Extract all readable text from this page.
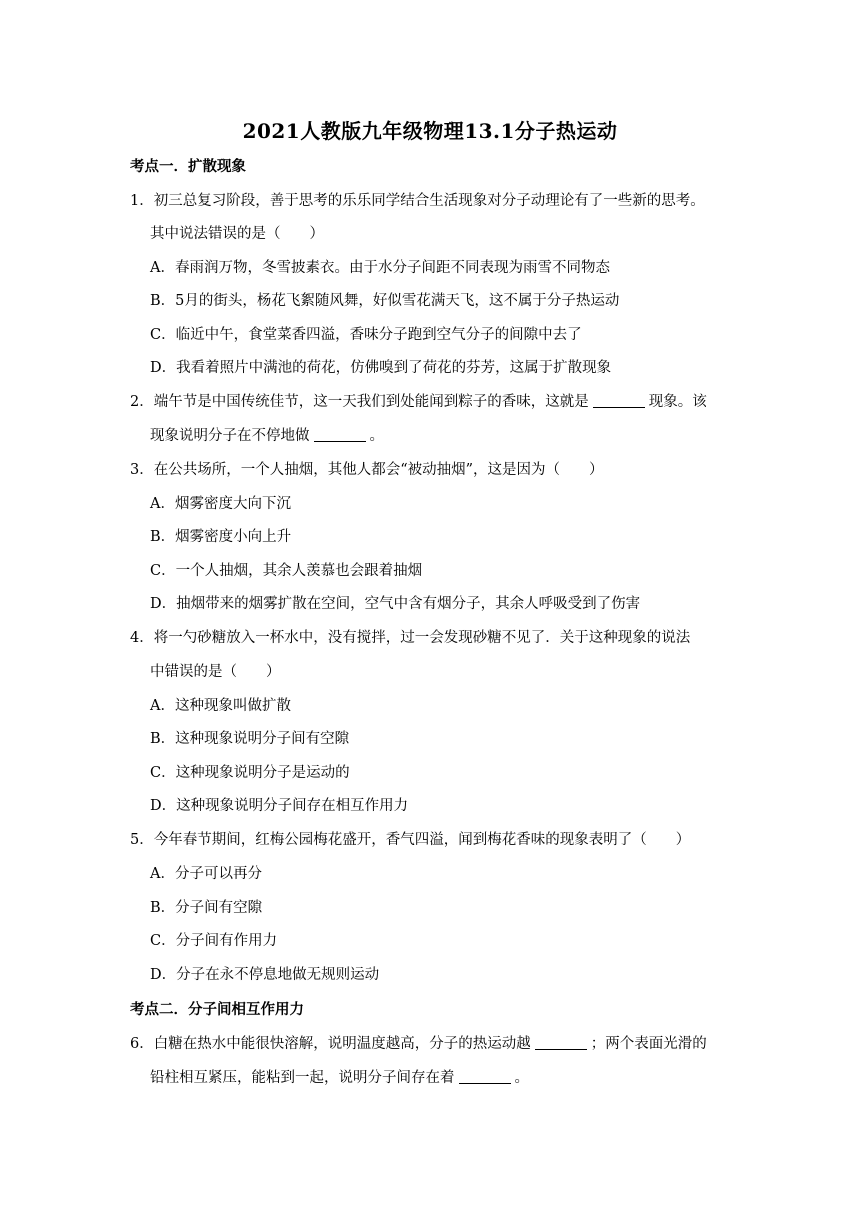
2021人教版九年级物理13.1分子热运动
考点一．扩散现象
1．初三总复习阶段，善于思考的乐乐同学结合生活现象对分子动理论有了一些新的思考。
其中说法错误的是（　　）
A．春雨润万物，冬雪披素衣。由于水分子间距不同表现为雨雪不同物态
B．5月的街头，杨花飞絮随风舞，好似雪花满天飞，这不属于分子热运动
C．临近中午，食堂菜香四溢，香味分子跑到空气分子的间隙中去了
D．我看着照片中满池的荷花，仿佛嗅到了荷花的芬芳，这属于扩散现象
2．端午节是中国传统佳节，这一天我们到处能闻到粽子的香味，这就是	现象。该
现象说明分子在不停地做	。
3．在公共场所，一个人抽烟，其他人都会“被动抽烟”，这是因为（　　）
A．烟雾密度大向下沉
B．烟雾密度小向上升
C．一个人抽烟，其余人羡慕也会跟着抽烟
D．抽烟带来的烟雾扩散在空间，空气中含有烟分子，其余人呼吸受到了伤害
4．将一勺砂糖放入一杯水中，没有搅拌，过一会发现砂糖不见了．关于这种现象的说法
中错误的是（　　）
A．这种现象叫做扩散
B．这种现象说明分子间有空隙
C．这种现象说明分子是运动的
D．这种现象说明分子间存在相互作用力
5．今年春节期间，红梅公园梅花盛开，香气四溢，闻到梅花香味的现象表明了（　　）
A．分子可以再分
B．分子间有空隙
C．分子间有作用力
D．分子在永不停息地做无规则运动
考点二．分子间相互作用力
6．白糖在热水中能很快溶解，说明温度越高，分子的热运动越	；两个表面光滑的
铅柱相互紧压，能粘到一起，说明分子间存在着	。
